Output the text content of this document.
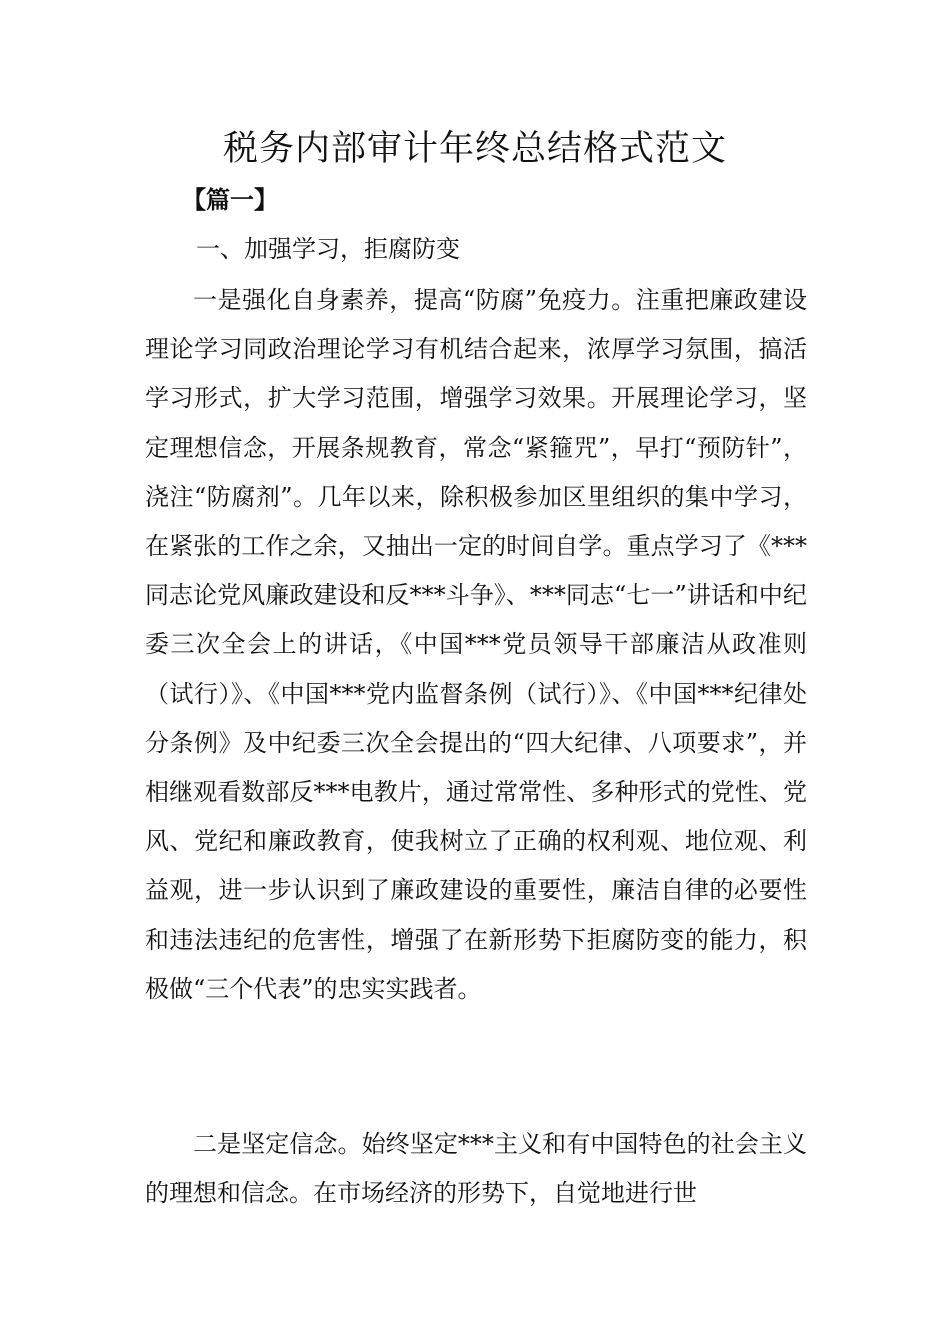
税务内部审计年终总结格式范文

【篇一】

一、加强学习，拒腐防变

一是强化自身素养，提高“防腐”免疫力。注重把廉政建设理论学习同政治理论学习有机结合起来，浓厚学习氛围，搞活学习形式，扩大学习范围，增强学习效果。开展理论学习，坚定理想信念，开展条规教育，常念“紧箍咒”，早打“预防针”，浇注“防腐剂”。几年以来，除积极参加区里组织的集中学习，在紧张的工作之余，又抽出一定的时间自学。重点学习了《***同志论党风廉政建设和反***斗争》、***同志“七一”讲话和中纪委三次全会上的讲话，《中国***党员领导干部廉洁从政准则（试行）》、《中国***党内监督条例（试行）》、《中国***纪律处分条例》及中纪委三次全会提出的“四大纪律、八项要求”，并相继观看数部反***电教片，通过常常性、多种形式的党性、党风、党纪和廉政教育，使我树立了正确的权利观、地位观、利益观，进一步认识到了廉政建设的重要性，廉洁自律的必要性和违法违纪的危害性，增强了在新形势下拒腐防变的能力，积极做“三个代表”的忠实实践者。

二是坚定信念。始终坚定***主义和有中国特色的社会主义的理想和信念。在市场经济的形势下，自觉地进行世
